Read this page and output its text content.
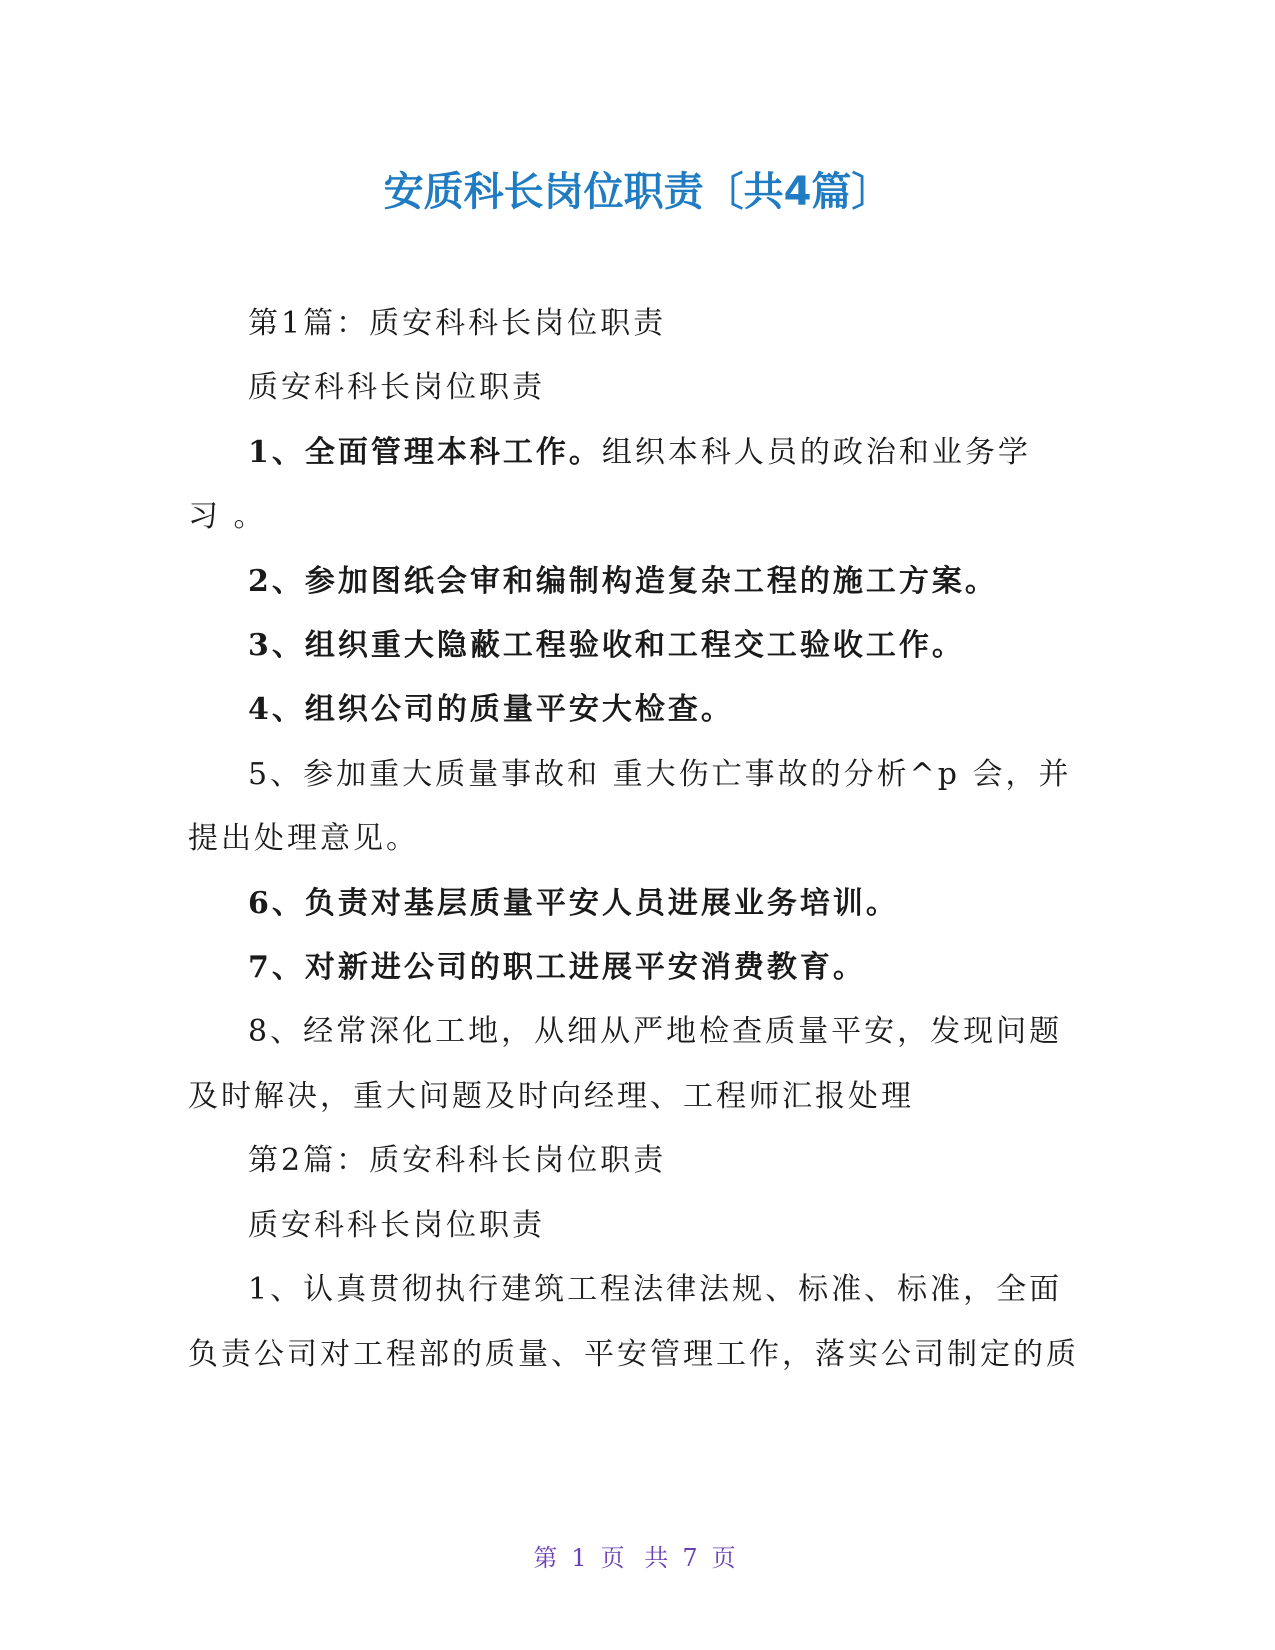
安质科长岗位职责〔共4篇〕

第1篇：质安科科长岗位职责

质安科科长岗位职责

1、全面管理本科工作。组织本科人员的政治和业务学习 。

2、参加图纸会审和编制构造复杂工程的施工方案。

3、组织重大隐蔽工程验收和工程交工验收工作。

4、组织公司的质量平安大检查。

5、参加重大质量事故和 重大伤亡事故的分析^p 会，并提出处理意见。

6、负责对基层质量平安人员进展业务培训。

7、对新进公司的职工进展平安消费教育。

8、经常深化工地，从细从严地检查质量平安，发现问题及时解决，重大问题及时向经理、工程师汇报处理

第2篇：质安科科长岗位职责

质安科科长岗位职责

1、认真贯彻执行建筑工程法律法规、标准、标准，全面负责公司对工程部的质量、平安管理工作，落实公司制定的质

第 1 页 共 7 页
